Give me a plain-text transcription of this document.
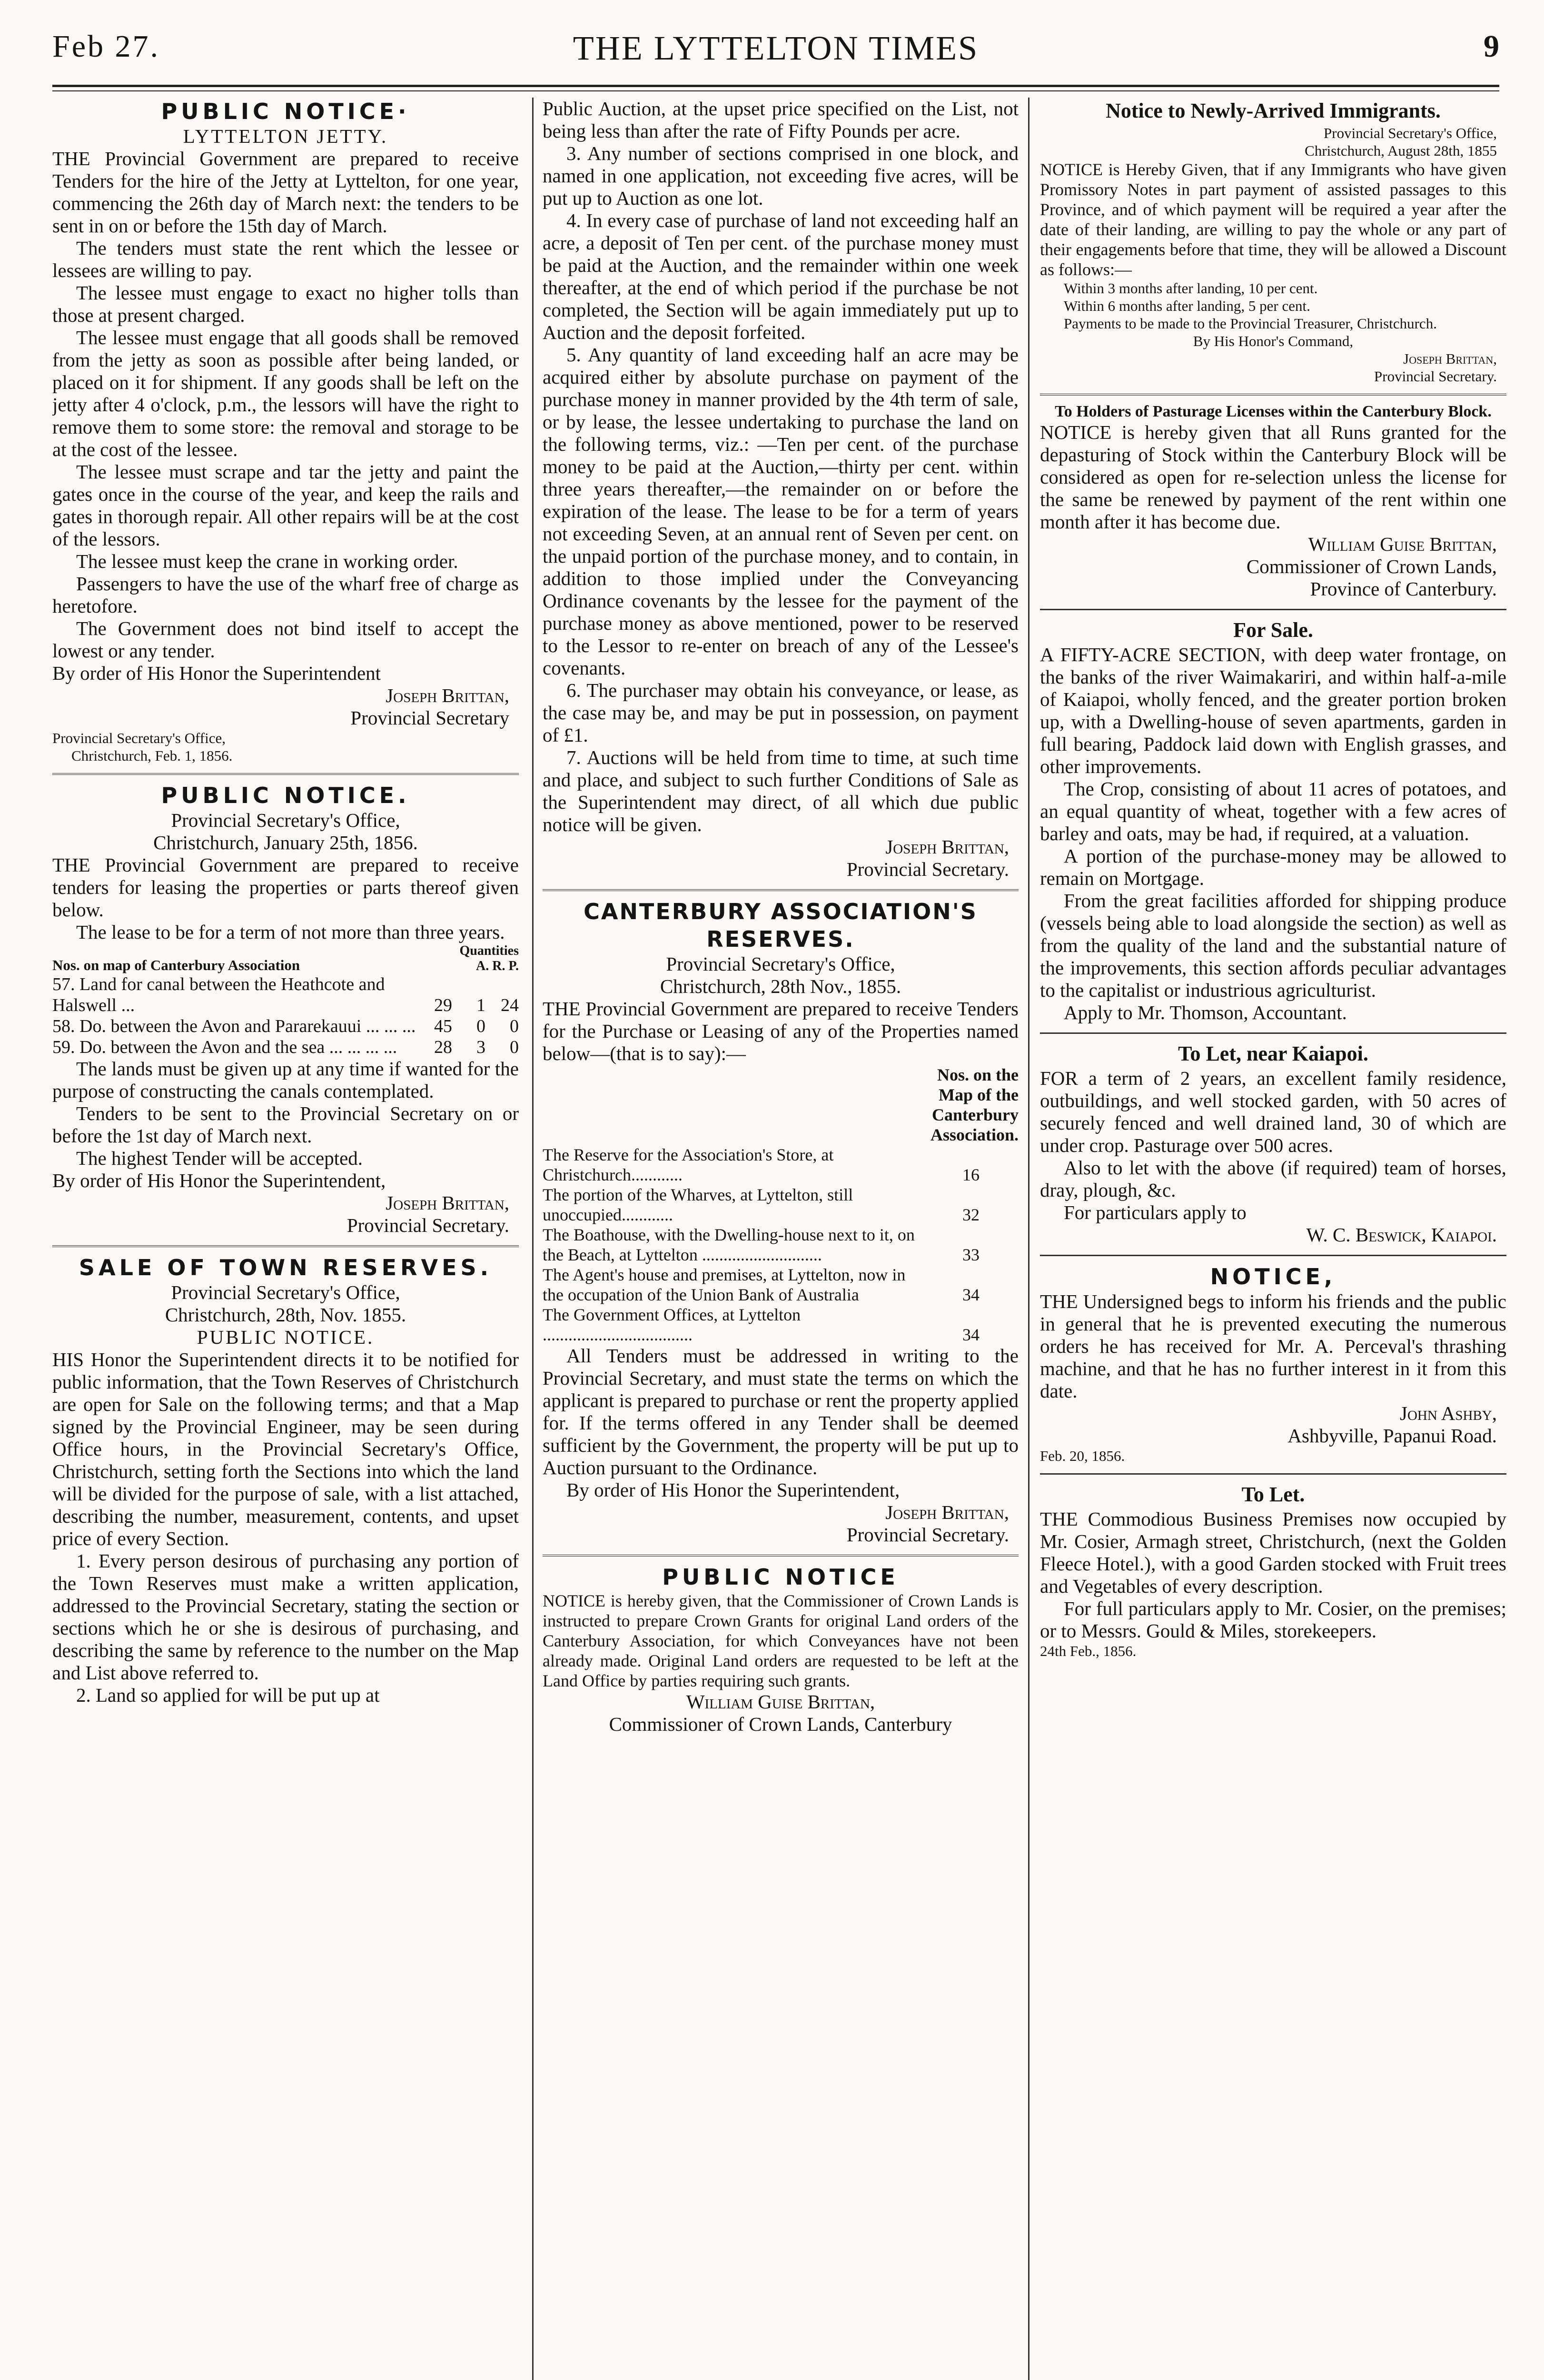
Feb 27.	THE LYTTELTON TIMES	9
PUBLIC NOTICE·
LYTTELTON JETTY.

THE Provincial Government are prepared to receive Tenders for the hire of the Jetty at Lyttelton, for one year, commencing the 26th day of March next: the tenders to be sent in on or before the 15th day of March.

The tenders must state the rent which the lessee or lessees are willing to pay.

The lessee must engage to exact no higher tolls than those at present charged.

The lessee must engage that all goods shall be removed from the jetty as soon as possible after being landed, or placed on it for shipment. If any goods shall be left on the jetty after 4 o'clock, p.m., the lessors will have the right to remove them to some store: the removal and storage to be at the cost of the lessee.

The lessee must scrape and tar the jetty and paint the gates once in the course of the year, and keep the rails and gates in thorough repair. All other repairs will be at the cost of the lessors.

The lessee must keep the crane in working order.

Passengers to have the use of the wharf free of charge as heretofore.

The Government does not bind itself to accept the lowest or any tender.

By order of His Honor the Superintendent

Joseph Brittan,

Provincial Secretary

Provincial Secretary's Office,

Christchurch, Feb. 1, 1856.

PUBLIC NOTICE.
Provincial Secretary's Office,
Christchurch, January 25th, 1856.

THE Provincial Government are prepared to receive tenders for leasing the properties or parts thereof given below.

The lease to be for a term of not more than three years.

Nos. on map of Canterbury Association	Quantities
A. R. P.		
57. Land for canal between the Heathcote and Halswell ...	29	1	24
58. Do. between the Avon and Pararekauui ... ... ...	45	0	0
59. Do. between the Avon and the sea ... ... ... ...	28	3	0

The lands must be given up at any time if wanted for the purpose of constructing the canals contemplated.

Tenders to be sent to the Provincial Secretary on or before the 1st day of March next.

The highest Tender will be accepted.

By order of His Honor the Superintendent,

Joseph Brittan,

Provincial Secretary.

SALE OF TOWN RESERVES.
Provincial Secretary's Office,
Christchurch, 28th, Nov. 1855.
PUBLIC NOTICE.

HIS Honor the Superintendent directs it to be notified for public information, that the Town Reserves of Christchurch are open for Sale on the following terms; and that a Map signed by the Provincial Engineer, may be seen during Office hours, in the Provincial Secretary's Office, Christchurch, setting forth the Sections into which the land will be divided for the purpose of sale, with a list attached, describing the number, measurement, contents, and upset price of every Section.

1. Every person desirous of purchasing any portion of the Town Reserves must make a written application, addressed to the Provincial Secretary, stating the section or sections which he or she is desirous of purchasing, and describing the same by reference to the number on the Map and List above referred to.

2. Land so applied for will be put up at

Public Auction, at the upset price specified on the List, not being less than after the rate of Fifty Pounds per acre.

3. Any number of sections comprised in one block, and named in one application, not exceeding five acres, will be put up to Auction as one lot.

4. In every case of purchase of land not exceeding half an acre, a deposit of Ten per cent. of the purchase money must be paid at the Auction, and the remainder within one week thereafter, at the end of which period if the purchase be not completed, the Section will be again immediately put up to Auction and the deposit forfeited.

5. Any quantity of land exceeding half an acre may be acquired either by absolute purchase on payment of the purchase money in manner provided by the 4th term of sale, or by lease, the lessee undertaking to purchase the land on the following terms, viz.: —Ten per cent. of the purchase money to be paid at the Auction,—thirty per cent. within three years thereafter,—the remainder on or before the expiration of the lease. The lease to be for a term of years not exceeding Seven, at an annual rent of Seven per cent. on the unpaid portion of the purchase money, and to contain, in addition to those implied under the Conveyancing Ordinance covenants by the lessee for the payment of the purchase money as above mentioned, power to be reserved to the Lessor to re-enter on breach of any of the Lessee's covenants.

6. The purchaser may obtain his conveyance, or lease, as the case may be, and may be put in possession, on payment of £1.

7. Auctions will be held from time to time, at such time and place, and subject to such further Conditions of Sale as the Superintendent may direct, of all which due public notice will be given.

Joseph Brittan,

Provincial Secretary.

CANTERBURY ASSOCIATION'S RESERVES.
Provincial Secretary's Office,
Christchurch, 28th Nov., 1855.

THE Provincial Government are prepared to receive Tenders for the Purchase or Leasing of any of the Properties named below—(that is to say):—

	Nos. on the Map of the Canterbury Association.
The Reserve for the Association's Store, at Christchurch............	16
The portion of the Wharves, at Lyttelton, still unoccupied............	32
The Boathouse, with the Dwelling-house next to it, on the Beach, at Lyttelton ............................	33
The Agent's house and premises, at Lyttelton, now in the occupation of the Union Bank of Australia	34
The Government Offices, at Lyttelton ...................................	34

All Tenders must be addressed in writing to the Provincial Secretary, and must state the terms on which the applicant is prepared to purchase or rent the property applied for. If the terms offered in any Tender shall be deemed sufficient by the Government, the property will be put up to Auction pursuant to the Ordinance.

By order of His Honor the Superintendent,

Joseph Brittan,

Provincial Secretary.

PUBLIC NOTICE

NOTICE is hereby given, that the Commissioner of Crown Lands is instructed to prepare Crown Grants for original Land orders of the Canterbury Association, for which Conveyances have not been already made. Original Land orders are requested to be left at the Land Office by parties requiring such grants.

William Guise Brittan,

Commissioner of Crown Lands, Canterbury

Notice to Newly-Arrived Immigrants.

Provincial Secretary's Office,

Christchurch, August 28th, 1855

NOTICE is Hereby Given, that if any Immigrants who have given Promissory Notes in part payment of assisted passages to this Province, and of which payment will be required a year after the date of their landing, are willing to pay the whole or any part of their engagements before that time, they will be allowed a Discount as follows:—

Within 3 months after landing, 10 per cent.

Within 6 months after landing, 5 per cent.

Payments to be made to the Provincial Treasurer, Christchurch.

By His Honor's Command,

Joseph Brittan,

Provincial Secretary.

To Holders of Pasturage Licenses within the Canterbury Block.

NOTICE is hereby given that all Runs granted for the depasturing of Stock within the Canterbury Block will be considered as open for re-selection unless the license for the same be renewed by payment of the rent within one month after it has become due.

William Guise Brittan,

Commissioner of Crown Lands,

Province of Canterbury.

For Sale.

A FIFTY-ACRE SECTION, with deep water frontage, on the banks of the river Waimakariri, and within half-a-mile of Kaiapoi, wholly fenced, and the greater portion broken up, with a Dwelling-house of seven apartments, garden in full bearing, Paddock laid down with English grasses, and other improvements.

The Crop, consisting of about 11 acres of potatoes, and an equal quantity of wheat, together with a few acres of barley and oats, may be had, if required, at a valuation.

A portion of the purchase-money may be allowed to remain on Mortgage.

From the great facilities afforded for shipping produce (vessels being able to load alongside the section) as well as from the quality of the land and the substantial nature of the improvements, this section affords peculiar advantages to the capitalist or industrious agriculturist.

Apply to Mr. Thomson, Accountant.

To Let, near Kaiapoi.

FOR a term of 2 years, an excellent family residence, outbuildings, and well stocked garden, with 50 acres of securely fenced and well drained land, 30 of which are under crop. Pasturage over 500 acres.

Also to let with the above (if required) team of horses, dray, plough, &c.

For particulars apply to

W. C. Beswick, Kaiapoi.

NOTICE,

THE Undersigned begs to inform his friends and the public in general that he is prevented executing the numerous orders he has received for Mr. A. Perceval's thrashing machine, and that he has no further interest in it from this date.

John Ashby,

Ashbyville, Papanui Road.

Feb. 20, 1856.

To Let.

THE Commodious Business Premises now occupied by Mr. Cosier, Armagh street, Christchurch, (next the Golden Fleece Hotel.), with a good Garden stocked with Fruit trees and Vegetables of every description.

For full particulars apply to Mr. Cosier, on the premises; or to Messrs. Gould & Miles, storekeepers.

24th Feb., 1856.
